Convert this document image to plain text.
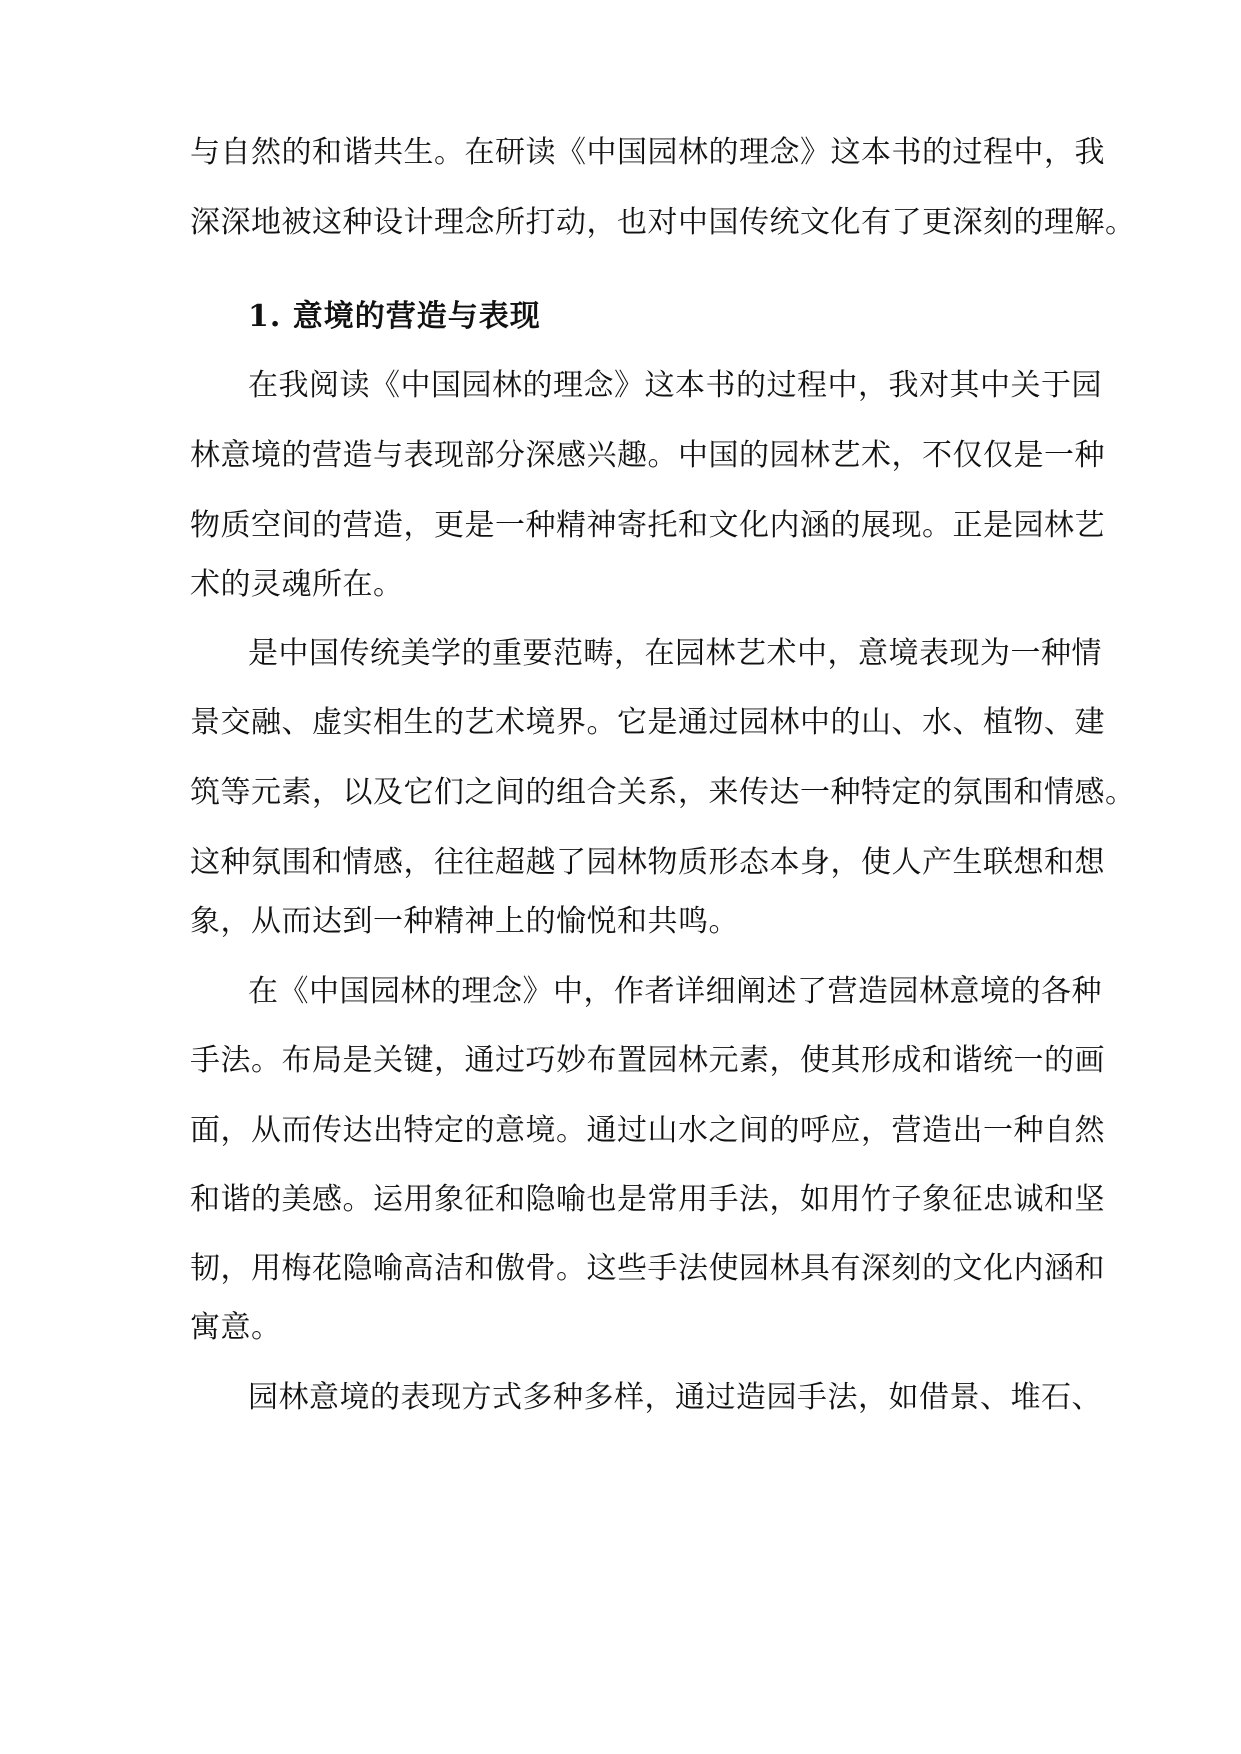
与自然的和谐共生。在研读《中国园林的理念》这本书的过程中，我
深深地被这种设计理念所打动，也对中国传统文化有了更深刻的理解。
1. 意境的营造与表现
在我阅读《中国园林的理念》这本书的过程中，我对其中关于园
林意境的营造与表现部分深感兴趣。中国的园林艺术，不仅仅是一种
物质空间的营造，更是一种精神寄托和文化内涵的展现。正是园林艺
术的灵魂所在。
是中国传统美学的重要范畴，在园林艺术中，意境表现为一种情
景交融、虚实相生的艺术境界。它是通过园林中的山、水、植物、建
筑等元素，以及它们之间的组合关系，来传达一种特定的氛围和情感。
这种氛围和情感，往往超越了园林物质形态本身，使人产生联想和想
象，从而达到一种精神上的愉悦和共鸣。
在《中国园林的理念》中，作者详细阐述了营造园林意境的各种
手法。布局是关键，通过巧妙布置园林元素，使其形成和谐统一的画
面，从而传达出特定的意境。通过山水之间的呼应，营造出一种自然
和谐的美感。运用象征和隐喻也是常用手法，如用竹子象征忠诚和坚
韧，用梅花隐喻高洁和傲骨。这些手法使园林具有深刻的文化内涵和
寓意。
园林意境的表现方式多种多样，通过造园手法，如借景、堆石、
